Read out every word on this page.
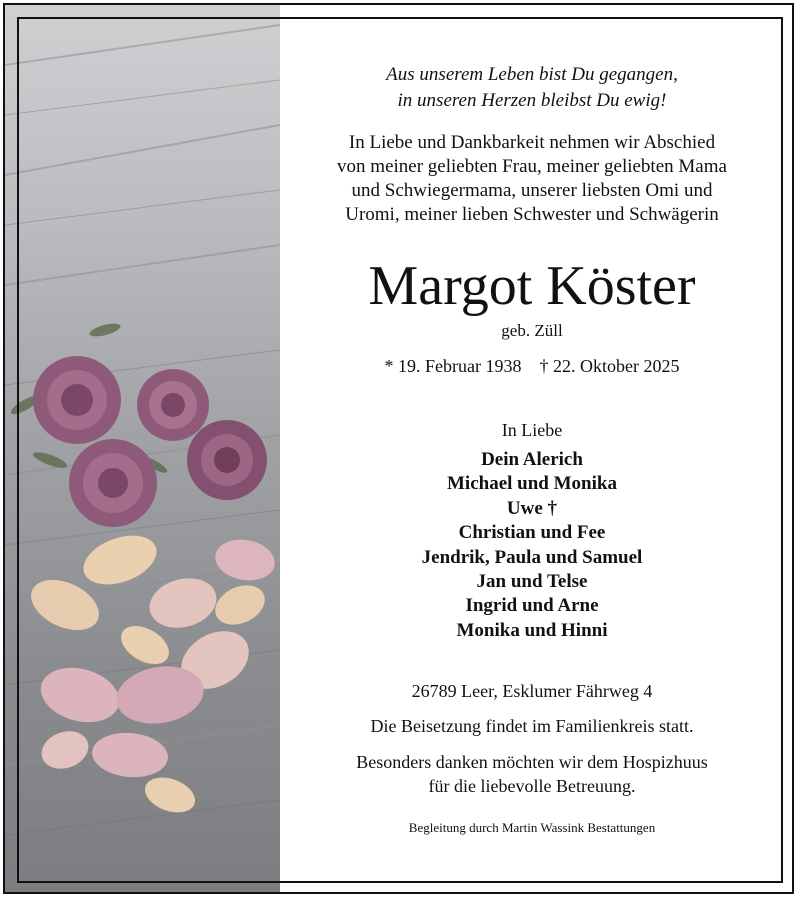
Aus unserem Leben bist Du gegangen,
in unseren Herzen bleibst Du ewig!
In Liebe und Dankbarkeit nehmen wir Abschied
von meiner geliebten Frau, meiner geliebten Mama
und Schwiegermama, unserer liebsten Omi und
Uromi, meiner lieben Schwester und Schwägerin
Margot Köster
geb. Züll
* 19. Februar 1938 † 22. Oktober 2025
In Liebe
Dein Alerich
Michael und Monika
Uwe †
Christian und Fee
Jendrik, Paula und Samuel
Jan und Telse
Ingrid und Arne
Monika und Hinni
26789 Leer, Esklumer Fährweg 4
Die Beisetzung findet im Familienkreis statt.
Besonders danken möchten wir dem Hospizhuus
für die liebevolle Betreuung.
Begleitung durch Martin Wassink Bestattungen
